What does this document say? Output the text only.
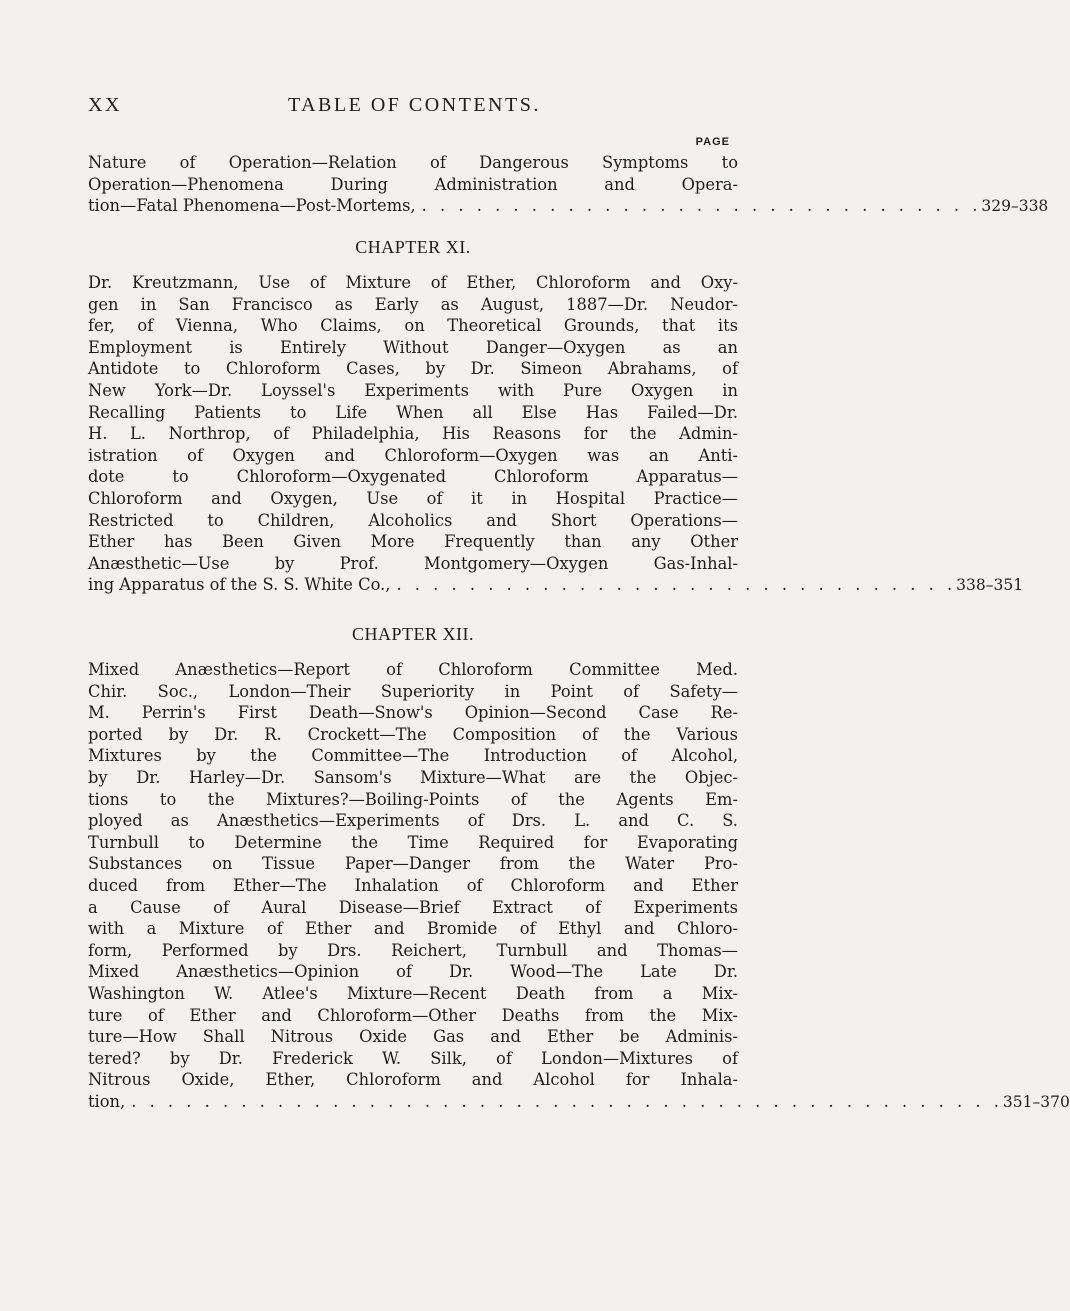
XX	TABLE OF CONTENTS.
PAGE
Nature of Operation—Relation of Dangerous Symptoms to
Operation—Phenomena During Administration and Opera-
tion—Fatal Phenomena—Post-Mortems, . . . . . . . . . . . . . . . . . . . . . . . . . . . . . . . 329–338
CHAPTER XI.
Dr. Kreutzmann, Use of Mixture of Ether, Chloroform and Oxy-
gen in San Francisco as Early as August, 1887—Dr. Neudor-
fer, of Vienna, Who Claims, on Theoretical Grounds, that its
Employment is Entirely Without Danger—Oxygen as an
Antidote to Chloroform Cases, by Dr. Simeon Abrahams, of
New York—Dr. Loyssel's Experiments with Pure Oxygen in
Recalling Patients to Life When all Else Has Failed—Dr.
H. L. Northrop, of Philadelphia, His Reasons for the Admin-
istration of Oxygen and Chloroform—Oxygen was an Anti-
dote to Chloroform—Oxygenated Chloroform Apparatus—
Chloroform and Oxygen, Use of it in Hospital Practice—
Restricted to Children, Alcoholics and Short Operations—
Ether has Been Given More Frequently than any Other
Anæsthetic—Use by Prof. Montgomery—Oxygen Gas-Inhal-
ing Apparatus of the S. S. White Co., . . . . . . . . . . . . . . . . . . . . . . . . . . . . . . . 338–351
CHAPTER XII.
Mixed Anæsthetics—Report of Chloroform Committee Med.
Chir. Soc., London—Their Superiority in Point of Safety—
M. Perrin's First Death—Snow's Opinion—Second Case Re-
ported by Dr. R. Crockett—The Composition of the Various
Mixtures by the Committee—The Introduction of Alcohol,
by Dr. Harley—Dr. Sansom's Mixture—What are the Objec-
tions to the Mixtures?—Boiling-Points of the Agents Em-
ployed as Anæsthetics—Experiments of Drs. L. and C. S.
Turnbull to Determine the Time Required for Evaporating
Substances on Tissue Paper—Danger from the Water Pro-
duced from Ether—The Inhalation of Chloroform and Ether
a Cause of Aural Disease—Brief Extract of Experiments
with a Mixture of Ether and Bromide of Ethyl and Chloro-
form, Performed by Drs. Reichert, Turnbull and Thomas—
Mixed Anæsthetics—Opinion of Dr. Wood—The Late Dr.
Washington W. Atlee's Mixture—Recent Death from a Mix-
ture of Ether and Chloroform—Other Deaths from the Mix-
ture—How Shall Nitrous Oxide Gas and Ether be Adminis-
tered? by Dr. Frederick W. Silk, of London—Mixtures of
Nitrous Oxide, Ether, Chloroform and Alcohol for Inhala-
tion, . . . . . . . . . . . . . . . . . . . . . . . . . . . . . . . . . . . . . . . . . . . . . . . . 351–370
